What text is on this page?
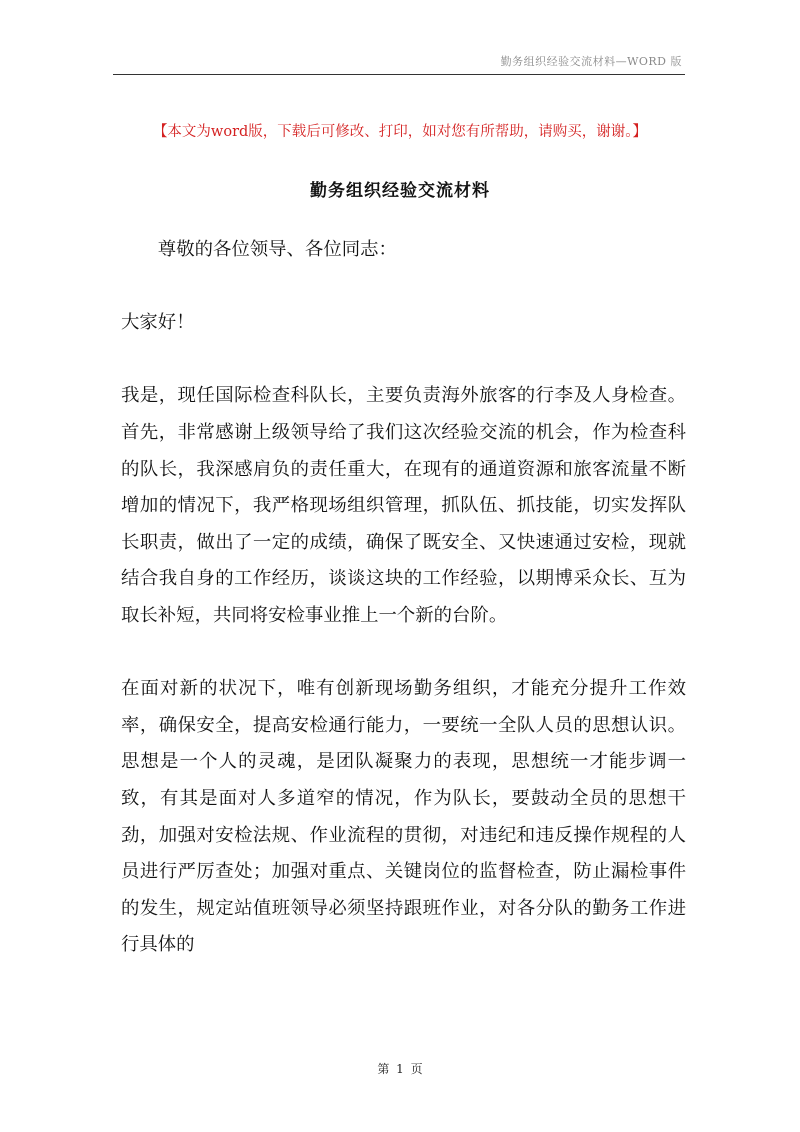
勤务组织经验交流材料—WORD 版
【本文为word版，下载后可修改、打印，如对您有所帮助，请购买，谢谢。】
勤务组织经验交流材料

尊敬的各位领导、各位同志：

大家好！

我是，现任国际检查科队长，主要负责海外旅客的行李及人身检查。首先，非常感谢上级领导给了我们这次经验交流的机会，作为检查科的队长，我深感肩负的责任重大，在现有的通道资源和旅客流量不断增加的情况下，我严格现场组织管理，抓队伍、抓技能，切实发挥队长职责，做出了一定的成绩，确保了既安全、又快速通过安检，现就结合我自身的工作经历，谈谈这块的工作经验，以期博采众长、互为取长补短，共同将安检事业推上一个新的台阶。

在面对新的状况下，唯有创新现场勤务组织，才能充分提升工作效率，确保安全，提高安检通行能力，一要统一全队人员的思想认识。思想是一个人的灵魂，是团队凝聚力的表现，思想统一才能步调一致，有其是面对人多道窄的情况，作为队长，要鼓动全员的思想干劲，加强对安检法规、作业流程的贯彻，对违纪和违反操作规程的人员进行严厉查处；加强对重点、关键岗位的监督检查，防止漏检事件的发生，规定站值班领导必须坚持跟班作业，对各分队的勤务工作进行具体的

第 1 页
